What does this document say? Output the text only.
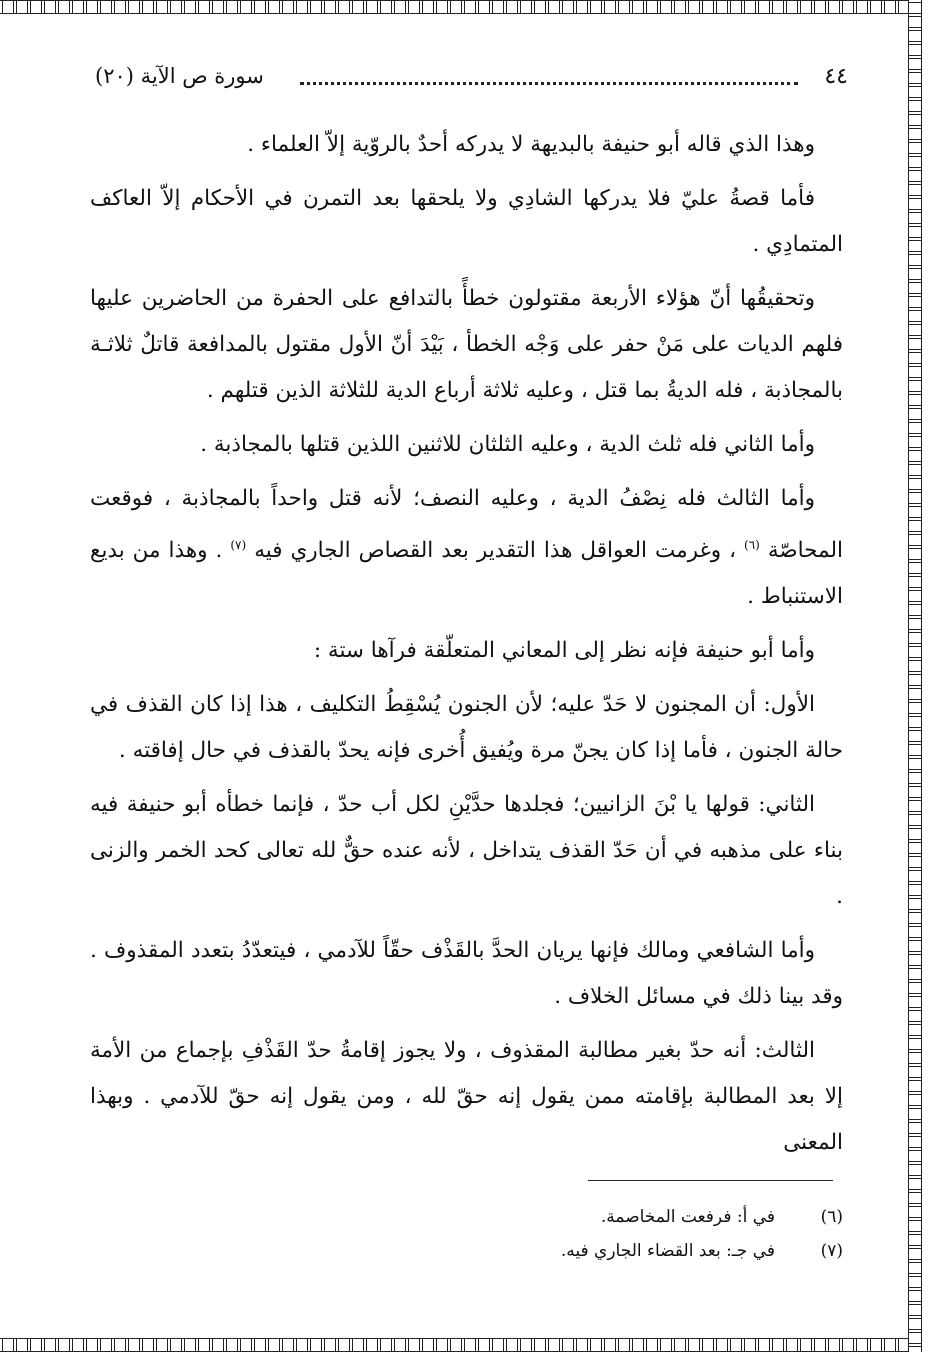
سورة ص الآية (٢٠)	٤٤

وهذا الذي قاله أبو حنيفة بالبديهة لا يدركه أحدٌ بالروّية إلاّ العلماء .

فأما قصةُ عليّ فلا يدركها الشادِي ولا يلحقها بعد التمرن في الأحكام إلاّ العاكف المتمادِي .

وتحقيقُها أنّ هؤلاء الأربعة مقتولون خطأً بالتدافع على الحفرة من الحاضرين عليها فلهم الديات على مَنْ حفر على وَجْه الخطأ ، بَيْدَ أنّ الأول مقتول بالمدافعة قاتلٌ ثلاثـة بالمجاذبة ، فله الديةُ بما قتل ، وعليه ثلاثة أرباع الدية للثلاثة الذين قتلهم .

وأما الثاني فله ثلث الدية ، وعليه الثلثان للاثنين اللذين قتلها بالمجاذبة .

وأما الثالث فله نِصْفُ الدية ، وعليه النصف؛ لأنه قتل واحداً بالمجاذبة ، فوقعت المحاصّة $^{(٦)}$ ، وغرمت العواقل هذا التقدير بعد القصاص الجاري فيه $^{(٧)}$ . وهذا من بديع الاستنباط .

وأما أبو حنيفة فإنه نظر إلى المعاني المتعلّقة فرآها ستة :

الأول: أن المجنون لا حَدّ عليه؛ لأن الجنون يُسْقِطُ التكليف ، هذا إذا كان القذف في حالة الجنون ، فأما إذا كان يجنّ مرة ويُفيق أُخرى فإنه يحدّ بالقذف في حال إفاقته .

الثاني: قولها يا بْنَ الزانيين؛ فجلدها حدَّيْنِ لكل أب حدّ ، فإنما خطأه أبو حنيفة فيه بناء على مذهبه في أن حَدّ القذف يتداخل ، لأنه عنده حقٌّ لله تعالى كحد الخمر والزنى .

وأما الشافعي ومالك فإنها يريان الحدَّ بالقَذْف حقّاً للآدمي ، فيتعدّدُ بتعدد المقذوف . وقد بينا ذلك في مسائل الخلاف .

الثالث: أنه حدّ بغير مطالبة المقذوف ، ولا يجوز إقامةُ حدّ القَذْفِ بإجماع من الأمة إلا بعد المطالبة بإقامته ممن يقول إنه حقّ لله ، ومن يقول إنه حقّ للآدمي . وبهذا المعنى

(٦)
في أ: فرفعت المخاصمة.
(٧)
في جـ: بعد القضاء الجاري فيه.
